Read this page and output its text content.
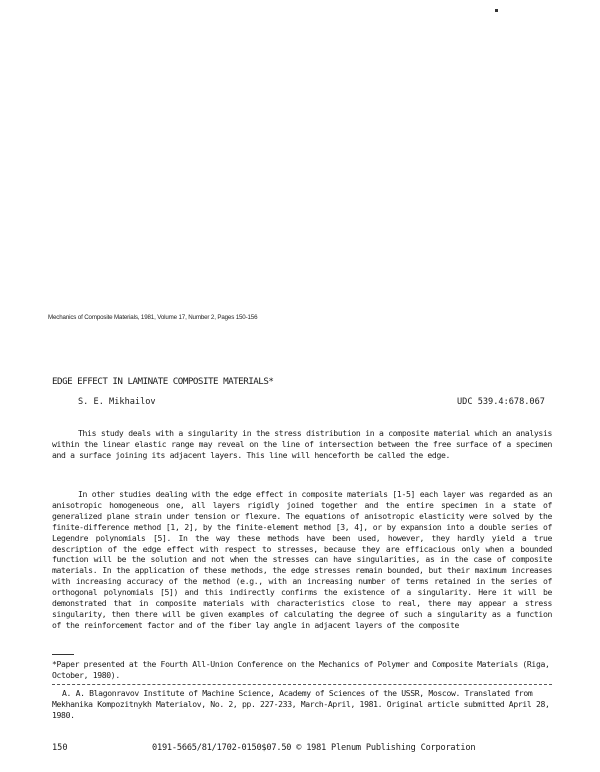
Mechanics of Composite Materials, 1981, Volume 17, Number 2, Pages 150-156
EDGE EFFECT IN LAMINATE COMPOSITE MATERIALS*
S. E. Mikhailov	UDC 539.4:678.067
This study deals with a singularity in the stress distribution in a composite material which an analysis within the linear elastic range may reveal on the line of intersection between the free surface of a specimen and a surface joining its adjacent layers. This line will henceforth be called the edge.
In other studies dealing with the edge effect in composite materials [1-5] each layer was regarded as an anisotropic homogeneous one, all layers rigidly joined together and the entire specimen in a state of generalized plane strain under tension or flexure. The equations of anisotropic elasticity were solved by the finite-difference method [1, 2], by the finite-element method [3, 4], or by expansion into a double series of Legendre polynomials [5]. In the way these methods have been used, however, they hardly yield a true description of the edge effect with respect to stresses, because they are efficacious only when a bounded function will be the solution and not when the stresses can have singularities, as in the case of composite materials. In the application of these methods, the edge stresses remain bounded, but their maximum increases with increasing accuracy of the method (e.g., with an increasing number of terms retained in the series of orthogonal polynomials [5]) and this indirectly confirms the existence of a singularity. Here it will be demonstrated that in composite materials with characteristics close to real, there may appear a stress singularity, then there will be given examples of calculating the degree of such a singularity as a function of the reinforcement factor and of the fiber lay angle in adjacent layers of the composite
*Paper presented at the Fourth All-Union Conference on the Mechanics of Polymer and Composite Materials (Riga, October, 1980).
A. A. Blagonravov Institute of Machine Science, Academy of Sciences of the USSR, Moscow. Translated from Mekhanika Kompozitnykh Materialov, No. 2, pp. 227-233, March-April, 1981. Original article submitted April 28, 1980.
150	0191-5665/81/1702-0150$07.50 © 1981 Plenum Publishing Corporation
